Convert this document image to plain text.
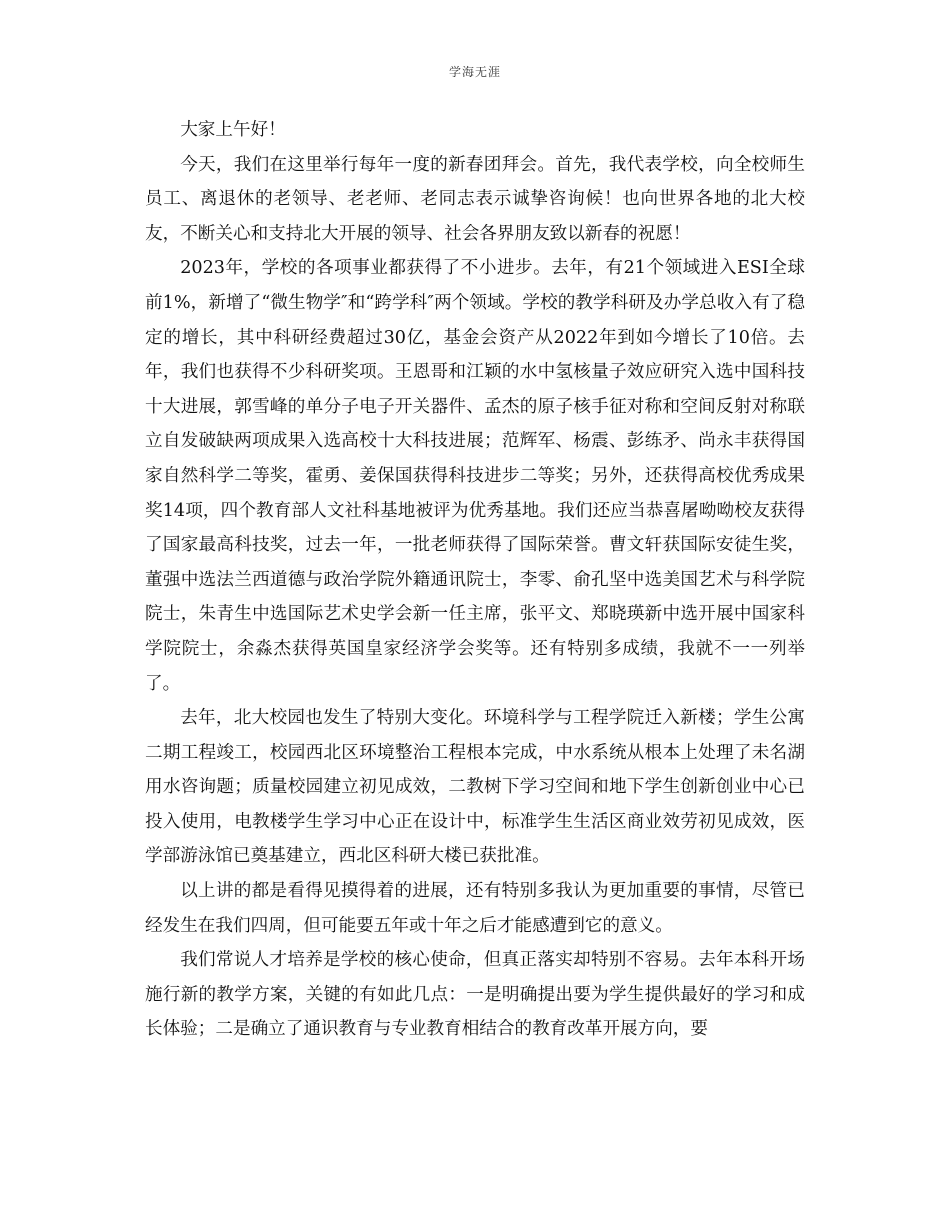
学海无涯

大家上午好！

今天，我们在这里举行每年一度的新春团拜会。首先，我代表学校，向全校师生员工、离退休的老领导、老老师、老同志表示诚挚咨询候！也向世界各地的北大校友，不断关心和支持北大开展的领导、社会各界朋友致以新春的祝愿！

2023年，学校的各项事业都获得了不小进步。去年，有21个领域进入ESI全球前1%，新增了“微生物学″和“跨学科″两个领域。学校的教学科研及办学总收入有了稳定的增长，其中科研经费超过30亿，基金会资产从2022年到如今增长了10倍。去年，我们也获得不少科研奖项。王恩哥和江颖的水中氢核量子效应研究入选中国科技十大进展，郭雪峰的单分子电子开关器件、孟杰的原子核手征对称和空间反射对称联立自发破缺两项成果入选高校十大科技进展；范辉军、杨震、彭练矛、尚永丰获得国家自然科学二等奖，霍勇、姜保国获得科技进步二等奖；另外，还获得高校优秀成果奖14项，四个教育部人文社科基地被评为优秀基地。我们还应当恭喜屠呦呦校友获得了国家最高科技奖，过去一年，一批老师获得了国际荣誉。曹文轩获国际安徒生奖，董强中选法兰西道德与政治学院外籍通讯院士，李零、俞孔坚中选美国艺术与科学院院士，朱青生中选国际艺术史学会新一任主席，张平文、郑晓瑛新中选开展中国家科学院院士，余淼杰获得英国皇家经济学会奖等。还有特别多成绩，我就不一一列举了。

去年，北大校园也发生了特别大变化。环境科学与工程学院迁入新楼；学生公寓二期工程竣工，校园西北区环境整治工程根本完成，中水系统从根本上处理了未名湖用水咨询题；质量校园建立初见成效，二教树下学习空间和地下学生创新创业中心已投入使用，电教楼学生学习中心正在设计中，标准学生生活区商业效劳初见成效，医学部游泳馆已奠基建立，西北区科研大楼已获批准。

以上讲的都是看得见摸得着的进展，还有特别多我认为更加重要的事情，尽管已经发生在我们四周，但可能要五年或十年之后才能感遭到它的意义。

我们常说人才培养是学校的核心使命，但真正落实却特别不容易。去年本科开场施行新的教学方案，关键的有如此几点：一是明确提出要为学生提供最好的学习和成长体验；二是确立了通识教育与专业教育相结合的教育改革开展方向，要
